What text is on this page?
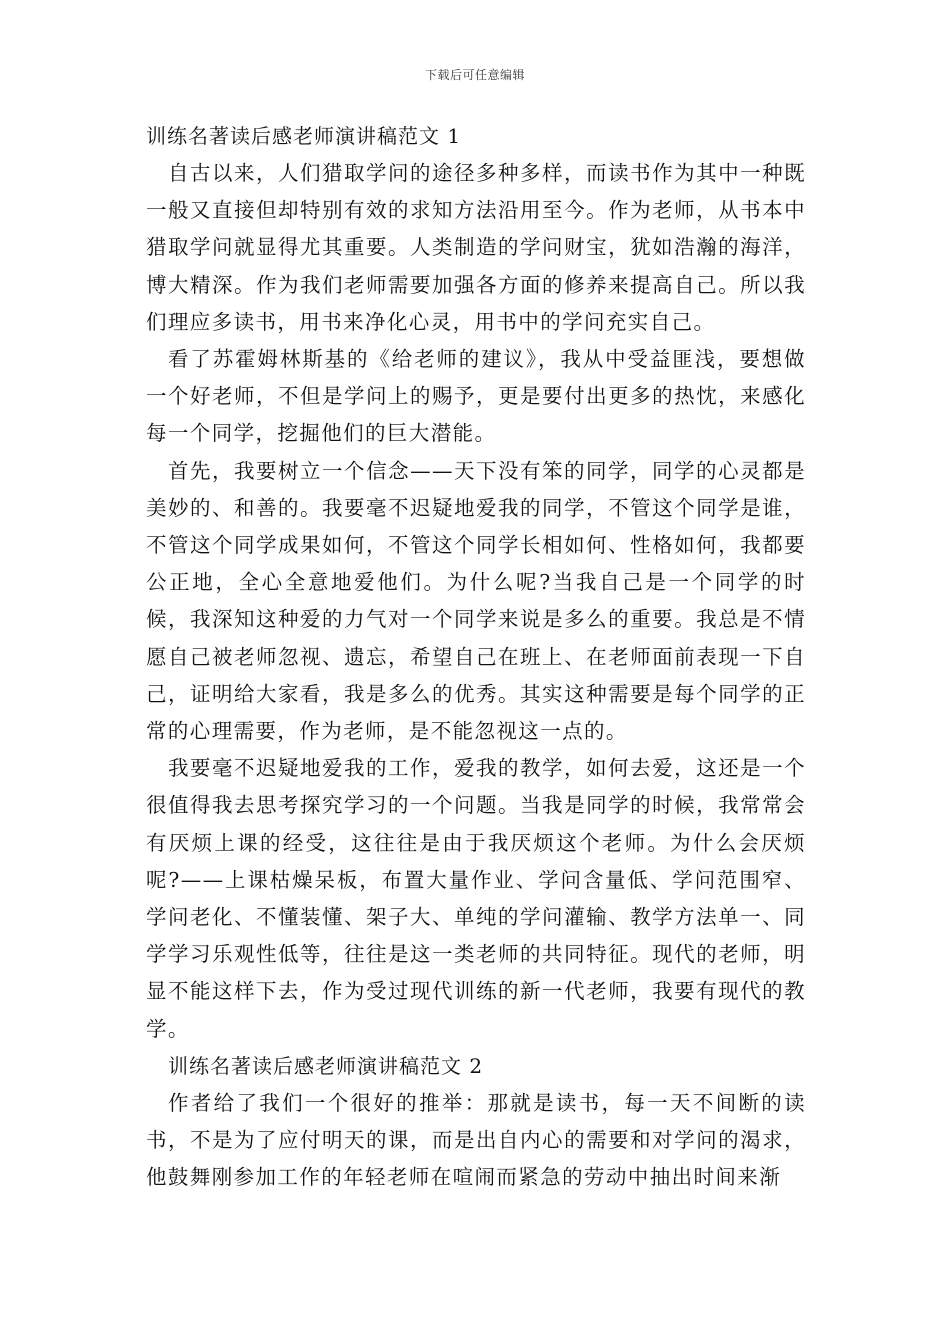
下载后可任意编辑
训练名著读后感老师演讲稿范文 1

自古以来，人们猎取学问的途径多种多样，而读书作为其中一种既一般又直接但却特别有效的求知方法沿用至今。作为老师，从书本中猎取学问就显得尤其重要。人类制造的学问财宝，犹如浩瀚的海洋，博大精深。作为我们老师需要加强各方面的修养来提高自己。所以我们理应多读书，用书来净化心灵，用书中的学问充实自己。

看了苏霍姆林斯基的《给老师的建议》，我从中受益匪浅，要想做一个好老师，不但是学问上的赐予，更是要付出更多的热忱，来感化每一个同学，挖掘他们的巨大潜能。

首先，我要树立一个信念——天下没有笨的同学，同学的心灵都是美妙的、和善的。我要毫不迟疑地爱我的同学，不管这个同学是谁，不管这个同学成果如何，不管这个同学长相如何、性格如何，我都要公正地，全心全意地爱他们。为什么呢?当我自己是一个同学的时候，我深知这种爱的力气对一个同学来说是多么的重要。我总是不情愿自己被老师忽视、遗忘，希望自己在班上、在老师面前表现一下自己，证明给大家看，我是多么的优秀。其实这种需要是每个同学的正常的心理需要，作为老师，是不能忽视这一点的。

我要毫不迟疑地爱我的工作，爱我的教学，如何去爱，这还是一个很值得我去思考探究学习的一个问题。当我是同学的时候，我常常会有厌烦上课的经受，这往往是由于我厌烦这个老师。为什么会厌烦呢?——上课枯燥呆板，布置大量作业、学问含量低、学问范围窄、学问老化、不懂装懂、架子大、单纯的学问灌输、教学方法单一、同学学习乐观性低等，往往是这一类老师的共同特征。现代的老师，明显不能这样下去，作为受过现代训练的新一代老师，我要有现代的教学。

训练名著读后感老师演讲稿范文 2

作者给了我们一个很好的推举：那就是读书，每一天不间断的读书，不是为了应付明天的课，而是出自内心的需要和对学问的渴求，他鼓舞刚参加工作的年轻老师在喧闹而紧急的劳动中抽出时间来渐
